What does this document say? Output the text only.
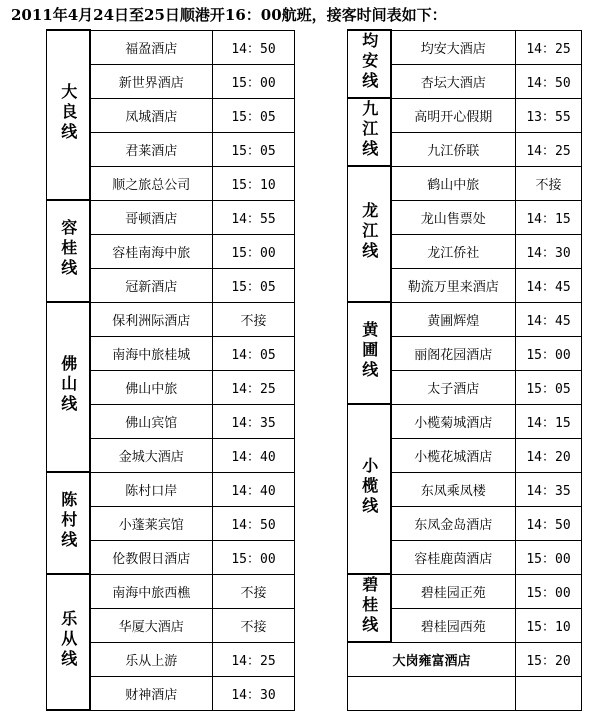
2011年4月24日至25日顺港开16：00航班，接客时间表如下：
大良线	福盈酒店	14：50
	新世界酒店	15：00
	凤城酒店	15：05
	君莱酒店	15：05
	顺之旅总公司	15：10
容桂线	哥顿酒店	14：55
	容桂南海中旅	15：00
	冠新酒店	15：05
佛山线	保利洲际酒店	不接
	南海中旅桂城	14：05
	佛山中旅	14：25
	佛山宾馆	14：35
	金城大酒店	14：40
陈村线	陈村口岸	14：40
	小蓬莱宾馆	14：50
	伦教假日酒店	15：00
乐从线	南海中旅西樵	不接
	华厦大酒店	不接
	乐从上游	14：25
	财神酒店	14：30
均安线	均安大酒店	14：25
	杏坛大酒店	14：50
九江线	高明开心假期	13：55
	九江侨联	14：25
龙江线	鹤山中旅	不接
	龙山售票处	14：15
	龙江侨社	14：30
	勒流万里来酒店	14：45
黄圃线	黄圃辉煌	14：45
	丽阁花园酒店	15：00
	太子酒店	15：05
小榄线	小榄菊城酒店	14：15
	小榄花城酒店	14：20
	东凤乘凤楼	14：35
	东凤金岛酒店	14：50
	容桂鹿茵酒店	15：00
碧桂线	碧桂园正苑	15：00
	碧桂园西苑	15：10
大岗雍富酒店		15：20
